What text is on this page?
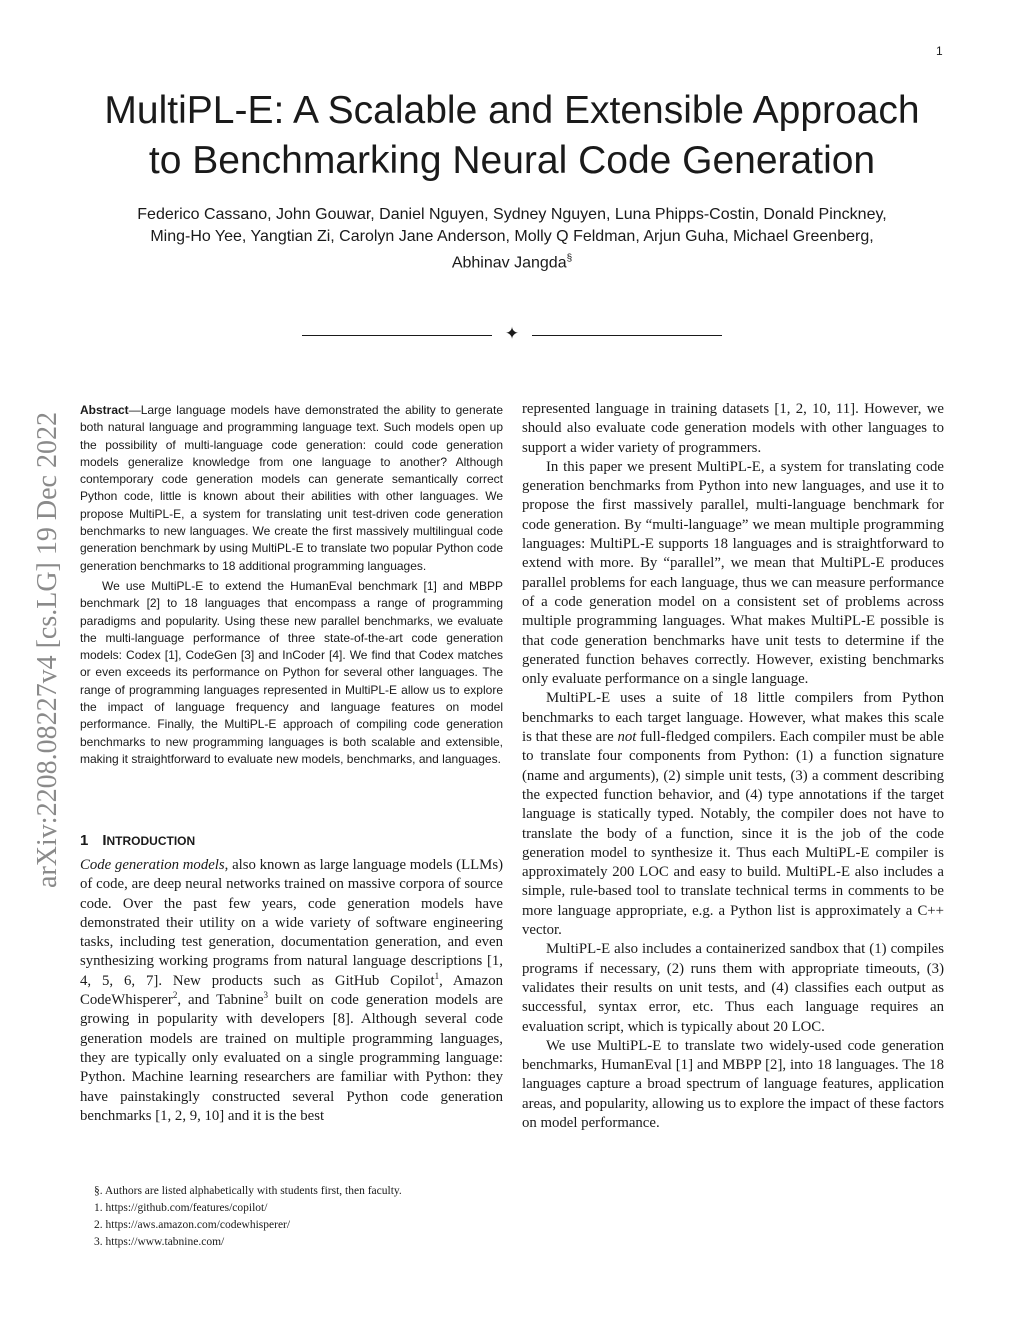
1
arXiv:2208.08227v4 [cs.LG] 19 Dec 2022
MultiPL-E: A Scalable and Extensible Approach
to Benchmarking Neural Code Generation
Federico Cassano, John Gouwar, Daniel Nguyen, Sydney Nguyen, Luna Phipps-Costin, Donald Pinckney,
Ming-Ho Yee, Yangtian Zi, Carolyn Jane Anderson, Molly Q Feldman, Arjun Guha, Michael Greenberg,
Abhinav Jangda§
✦

Abstract—Large language models have demonstrated the ability to generate both natural language and programming language text. Such models open up the possibility of multi-language code generation: could code generation models generalize knowledge from one language to another? Although contemporary code generation models can generate semantically correct Python code, little is known about their abilities with other languages. We propose MultiPL-E, a system for translating unit test-driven code generation benchmarks to new languages. We create the first massively multilingual code generation benchmark by using MultiPL-E to translate two popular Python code generation benchmarks to 18 additional programming languages.

We use MultiPL-E to extend the HumanEval benchmark [1] and MBPP benchmark [2] to 18 languages that encompass a range of programming paradigms and popularity. Using these new parallel benchmarks, we evaluate the multi-language performance of three state-of-the-art code generation models: Codex [1], CodeGen [3] and InCoder [4]. We find that Codex matches or even exceeds its performance on Python for several other languages. The range of programming languages represented in MultiPL-E allow us to explore the impact of language frequency and language features on model performance. Finally, the MultiPL-E approach of compiling code generation benchmarks to new programming languages is both scalable and extensible, making it straightforward to evaluate new models, benchmarks, and languages.

1 INTRODUCTION

Code generation models, also known as large language models (LLMs) of code, are deep neural networks trained on massive corpora of source code. Over the past few years, code generation models have demonstrated their utility on a wide variety of software engineering tasks, including test generation, documentation generation, and even synthesizing working programs from natural language descriptions [1, 4, 5, 6, 7]. New products such as GitHub Copilot$^1$, Amazon CodeWhisperer$^2$, and Tabnine$^3$ built on code generation models are growing in popularity with developers [8]. Although several code generation models are trained on multiple programming languages, they are typically only evaluated on a single programming language: Python. Machine learning researchers are familiar with Python: they have painstakingly constructed several Python code generation benchmarks [1, 2, 9, 10] and it is the best

§. Authors are listed alphabetically with students first, then faculty.
1. https://github.com/features/copilot/
2. https://aws.amazon.com/codewhisperer/
3. https://www.tabnine.com/

represented language in training datasets [1, 2, 10, 11]. However, we should also evaluate code generation models with other languages to support a wider variety of programmers.

In this paper we present MultiPL-E, a system for translating code generation benchmarks from Python into new languages, and use it to propose the first massively parallel, multi-language benchmark for code generation. By “multi-language” we mean multiple programming languages: MultiPL-E supports 18 languages and is straightforward to extend with more. By “parallel”, we mean that MultiPL-E produces parallel problems for each language, thus we can measure performance of a code generation model on a consistent set of problems across multiple programming languages. What makes MultiPL-E possible is that code generation benchmarks have unit tests to determine if the generated function behaves correctly. However, existing benchmarks only evaluate performance on a single language.

MultiPL-E uses a suite of 18 little compilers from Python benchmarks to each target language. However, what makes this scale is that these are not full-fledged compilers. Each compiler must be able to translate four components from Python: (1) a function signature (name and arguments), (2) simple unit tests, (3) a comment describing the expected function behavior, and (4) type annotations if the target language is statically typed. Notably, the compiler does not have to translate the body of a function, since it is the job of the code generation model to synthesize it. Thus each MultiPL-E compiler is approximately 200 LOC and easy to build. MultiPL-E also includes a simple, rule-based tool to translate technical terms in comments to be more language appropriate, e.g. a Python list is approximately a C++ vector.

MultiPL-E also includes a containerized sandbox that (1) compiles programs if necessary, (2) runs them with appropriate timeouts, (3) validates their results on unit tests, and (4) classifies each output as successful, syntax error, etc. Thus each language requires an evaluation script, which is typically about 20 LOC.

We use MultiPL-E to translate two widely-used code generation benchmarks, HumanEval [1] and MBPP [2], into 18 languages. The 18 languages capture a broad spectrum of language features, application areas, and popularity, allowing us to explore the impact of these factors on model performance.
